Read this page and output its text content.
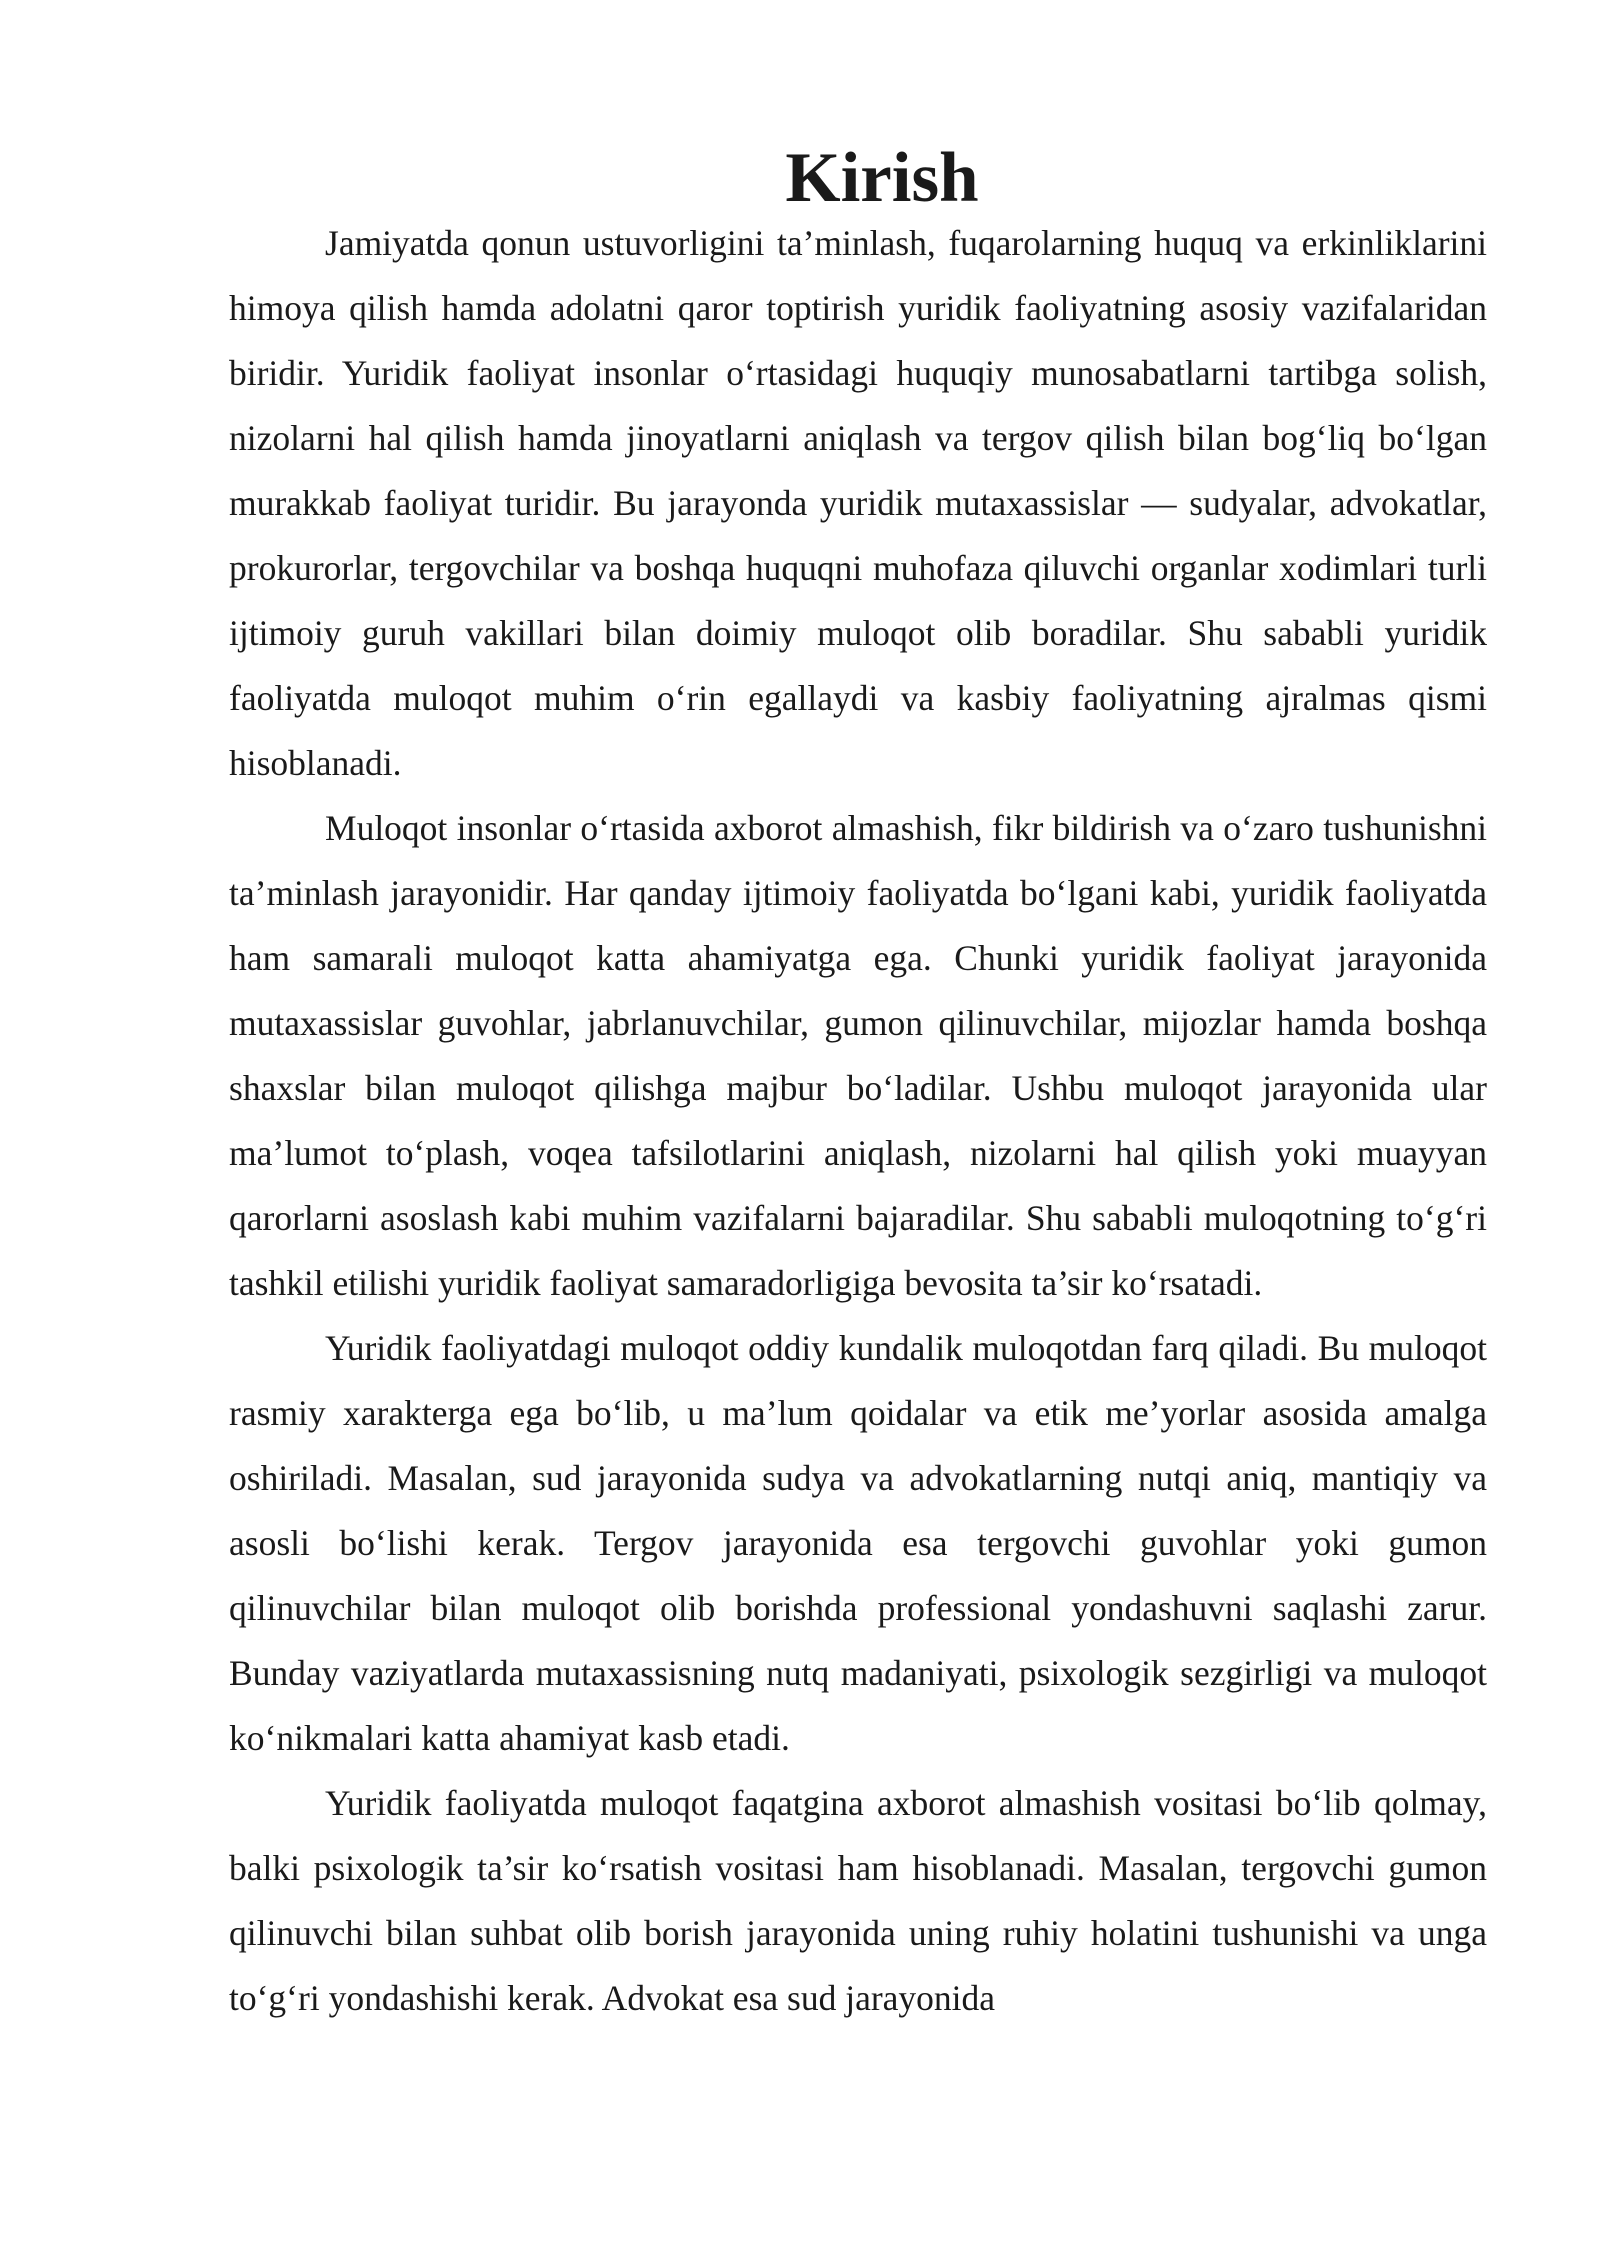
Kirish

Jamiyatda qonun ustuvorligini ta’minlash, fuqarolarning huquq va erkinliklarini himoya qilish hamda adolatni qaror toptirish yuridik faoliyatning asosiy vazifalaridan biridir. Yuridik faoliyat insonlar oʻrtasidagi huquqiy munosabatlarni tartibga solish, nizolarni hal qilish hamda jinoyatlarni aniqlash va tergov qilish bilan bogʻliq boʻlgan murakkab faoliyat turidir. Bu jarayonda yuridik mutaxassislar — sudyalar, advokatlar, prokurorlar, tergovchilar va boshqa huquqni muhofaza qiluvchi organlar xodimlari turli ijtimoiy guruh vakillari bilan doimiy muloqot olib boradilar. Shu sababli yuridik faoliyatda muloqot muhim oʻrin egallaydi va kasbiy faoliyatning ajralmas qismi hisoblanadi.

Muloqot insonlar oʻrtasida axborot almashish, fikr bildirish va oʻzaro tushunishni ta’minlash jarayonidir. Har qanday ijtimoiy faoliyatda boʻlgani kabi, yuridik faoliyatda ham samarali muloqot katta ahamiyatga ega. Chunki yuridik faoliyat jarayonida mutaxassislar guvohlar, jabrlanuvchilar, gumon qilinuvchilar, mijozlar hamda boshqa shaxslar bilan muloqot qilishga majbur boʻladilar. Ushbu muloqot jarayonida ular ma’lumot toʻplash, voqea tafsilotlarini aniqlash, nizolarni hal qilish yoki muayyan qarorlarni asoslash kabi muhim vazifalarni bajaradilar. Shu sababli muloqotning toʻgʻri tashkil etilishi yuridik faoliyat samaradorligiga bevosita ta’sir koʻrsatadi.

Yuridik faoliyatdagi muloqot oddiy kundalik muloqotdan farq qiladi. Bu muloqot rasmiy xarakterga ega boʻlib, u ma’lum qoidalar va etik me’yorlar asosida amalga oshiriladi. Masalan, sud jarayonida sudya va advokatlarning nutqi aniq, mantiqiy va asosli boʻlishi kerak. Tergov jarayonida esa tergovchi guvohlar yoki gumon qilinuvchilar bilan muloqot olib borishda professional yondashuvni saqlashi zarur. Bunday vaziyatlarda mutaxassisning nutq madaniyati, psixologik sezgirligi va muloqot koʻnikmalari katta ahamiyat kasb etadi.

Yuridik faoliyatda muloqot faqatgina axborot almashish vositasi boʻlib qolmay, balki psixologik ta’sir koʻrsatish vositasi ham hisoblanadi. Masalan, tergovchi gumon qilinuvchi bilan suhbat olib borish jarayonida uning ruhiy holatini tushunishi va unga toʻgʻri yondashishi kerak. Advokat esa sud jarayonida
